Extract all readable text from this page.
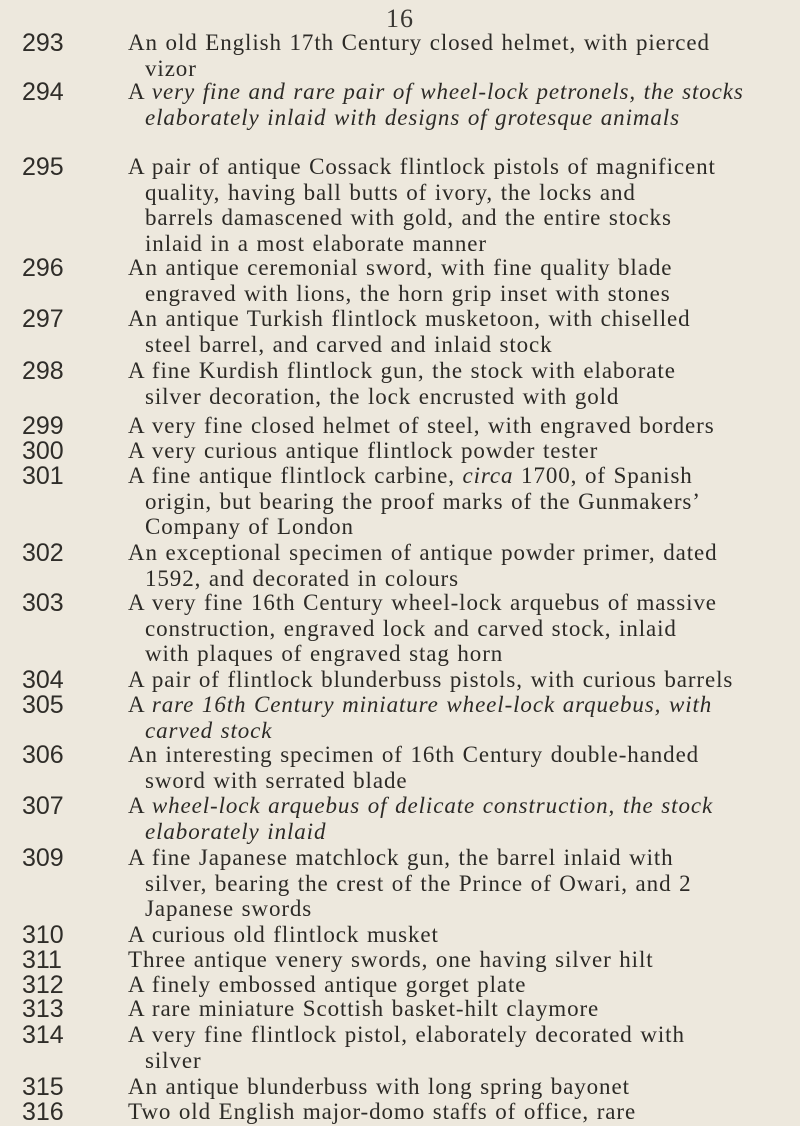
16
293	An old English 17th Century closed helmet, with pierced
vizor
294	A very fine and rare pair of wheel-lock petronels, the stocks
elaborately inlaid with designs of grotesque animals
295	A pair of antique Cossack flintlock pistols of magnificent
quality, having ball butts of ivory, the locks and
barrels damascened with gold, and the entire stocks
inlaid in a most elaborate manner
296	An antique ceremonial sword, with fine quality blade
engraved with lions, the horn grip inset with stones
297	An antique Turkish flintlock musketoon, with chiselled
steel barrel, and carved and inlaid stock
298	A fine Kurdish flintlock gun, the stock with elaborate
silver decoration, the lock encrusted with gold
299	A very fine closed helmet of steel, with engraved borders
300	A very curious antique flintlock powder tester
301	A fine antique flintlock carbine, circa 1700, of Spanish
origin, but bearing the proof marks of the Gunmakers’
Company of London
302	An exceptional specimen of antique powder primer, dated
1592, and decorated in colours
303	A very fine 16th Century wheel-lock arquebus of massive
construction, engraved lock and carved stock, inlaid
with plaques of engraved stag horn
304	A pair of flintlock blunderbuss pistols, with curious barrels
305	A rare 16th Century miniature wheel-lock arquebus, with
carved stock
306	An interesting specimen of 16th Century double-handed
sword with serrated blade
307	A wheel-lock arquebus of delicate construction, the stock
elaborately inlaid
309	A fine Japanese matchlock gun, the barrel inlaid with
silver, bearing the crest of the Prince of Owari, and 2
Japanese swords
310	A curious old flintlock musket
311	Three antique venery swords, one having silver hilt
312	A finely embossed antique gorget plate
313	A rare miniature Scottish basket-hilt claymore
314	A very fine flintlock pistol, elaborately decorated with
silver
315	An antique blunderbuss with long spring bayonet
316	Two old English major-domo staffs of office, rare
